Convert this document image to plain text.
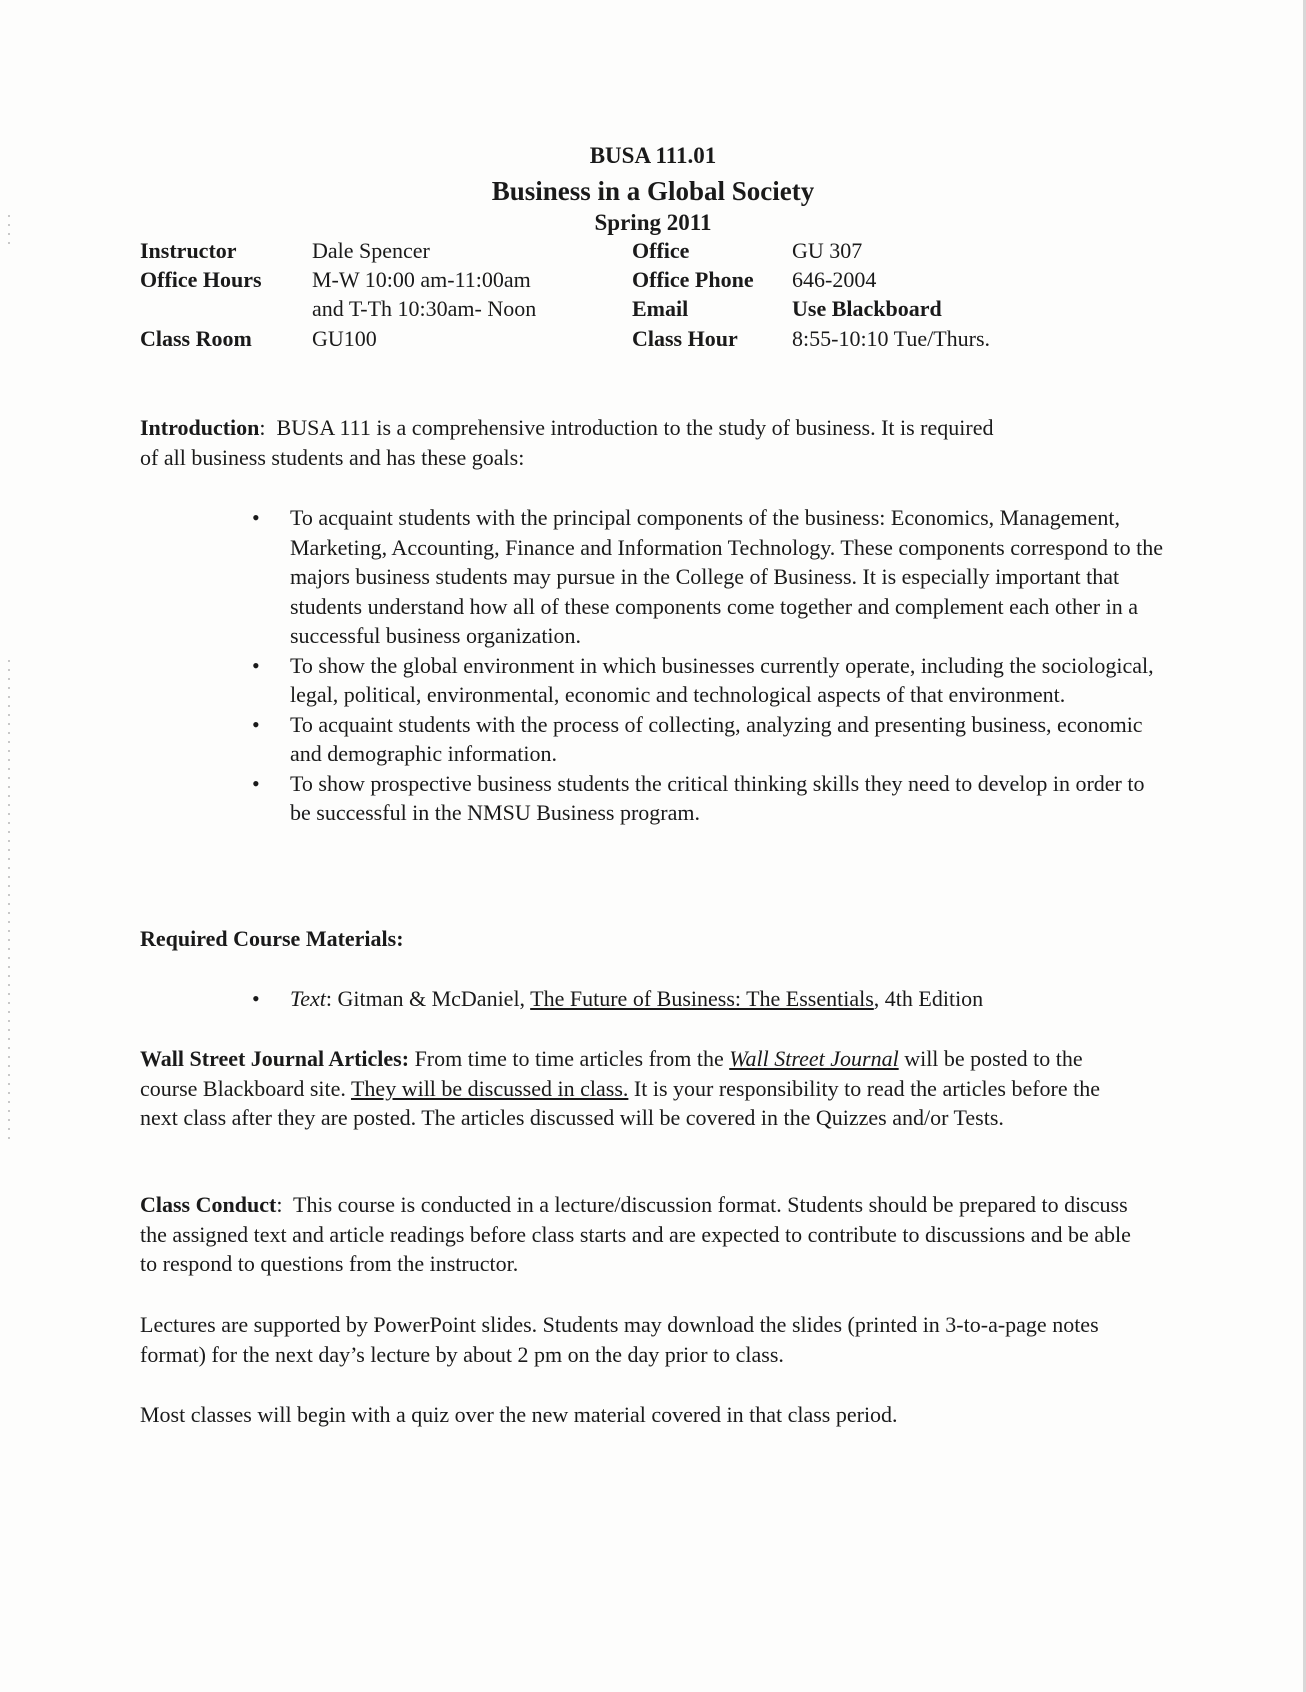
BUSA 111.01
Business in a Global Society
Spring 2011
Instructor	Dale Spencer	Office	GU 307
Office Hours M-W 10:00 am-11:00am	Office Phone 646-2004
and T-Th 10:30am- Noon	Email	Use Blackboard
Class Room	GU100	Class Hour 8:55-10:10 Tue/Thurs.

Introduction:  BUSA 111 is a comprehensive introduction to the study of business. It is required
of all business students and has these goals:

• To acquaint students with the principal components of the business: Economics, Management, Marketing, Accounting, Finance and Information Technology. These components correspond to the majors business students may pursue in the College of Business. It is especially important that students understand how all of these components come together and complement each other in a successful business organization.
• To show the global environment in which businesses currently operate, including the sociological, legal, political, environmental, economic and technological aspects of that environment.
• To acquaint students with the process of collecting, analyzing and presenting business, economic and demographic information.
• To show prospective business students the critical thinking skills they need to develop in order to be successful in the NMSU Business program.

Required Course Materials:

• Text: Gitman & McDaniel, The Future of Business: The Essentials, 4th Edition

Wall Street Journal Articles: From time to time articles from the Wall Street Journal will be posted to the course Blackboard site. They will be discussed in class. It is your responsibility to read the articles before the next class after they are posted. The articles discussed will be covered in the Quizzes and/or Tests.

Class Conduct:  This course is conducted in a lecture/discussion format. Students should be prepared to discuss the assigned text and article readings before class starts and are expected to contribute to discussions and be able to respond to questions from the instructor.

Lectures are supported by PowerPoint slides. Students may download the slides (printed in 3-to-a-page notes format) for the next day’s lecture by about 2 pm on the day prior to class.

Most classes will begin with a quiz over the new material covered in that class period.
